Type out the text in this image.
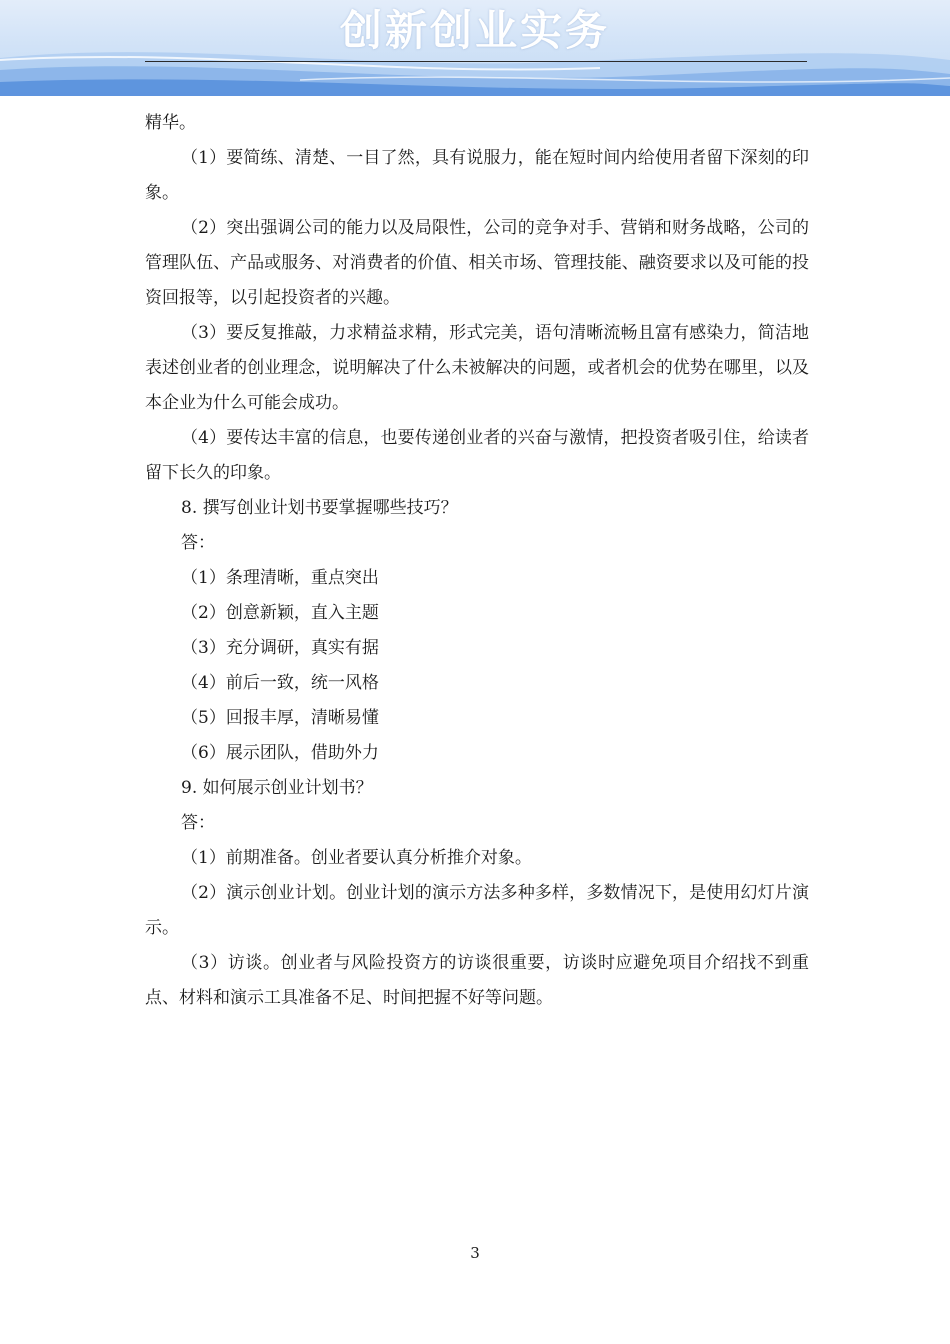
创新创业实务

精华。

（1）要简练、清楚、一目了然，具有说服力，能在短时间内给使用者留下深刻的印象。

（2）突出强调公司的能力以及局限性，公司的竞争对手、营销和财务战略，公司的管理队伍、产品或服务、对消费者的价值、相关市场、管理技能、融资要求以及可能的投资回报等，以引起投资者的兴趣。

（3）要反复推敲，力求精益求精，形式完美，语句清晰流畅且富有感染力，简洁地表述创业者的创业理念，说明解决了什么未被解决的问题，或者机会的优势在哪里，以及本企业为什么可能会成功。

（4）要传达丰富的信息，也要传递创业者的兴奋与激情，把投资者吸引住，给读者留下长久的印象。

8. 撰写创业计划书要掌握哪些技巧？

答：

（1）条理清晰，重点突出

（2）创意新颖，直入主题

（3）充分调研，真实有据

（4）前后一致，统一风格

（5）回报丰厚，清晰易懂

（6）展示团队，借助外力

9. 如何展示创业计划书？

答：

（1）前期准备。创业者要认真分析推介对象。

（2）演示创业计划。创业计划的演示方法多种多样，多数情况下，是使用幻灯片演示。

（3）访谈。创业者与风险投资方的访谈很重要，访谈时应避免项目介绍找不到重点、材料和演示工具准备不足、时间把握不好等问题。

3
